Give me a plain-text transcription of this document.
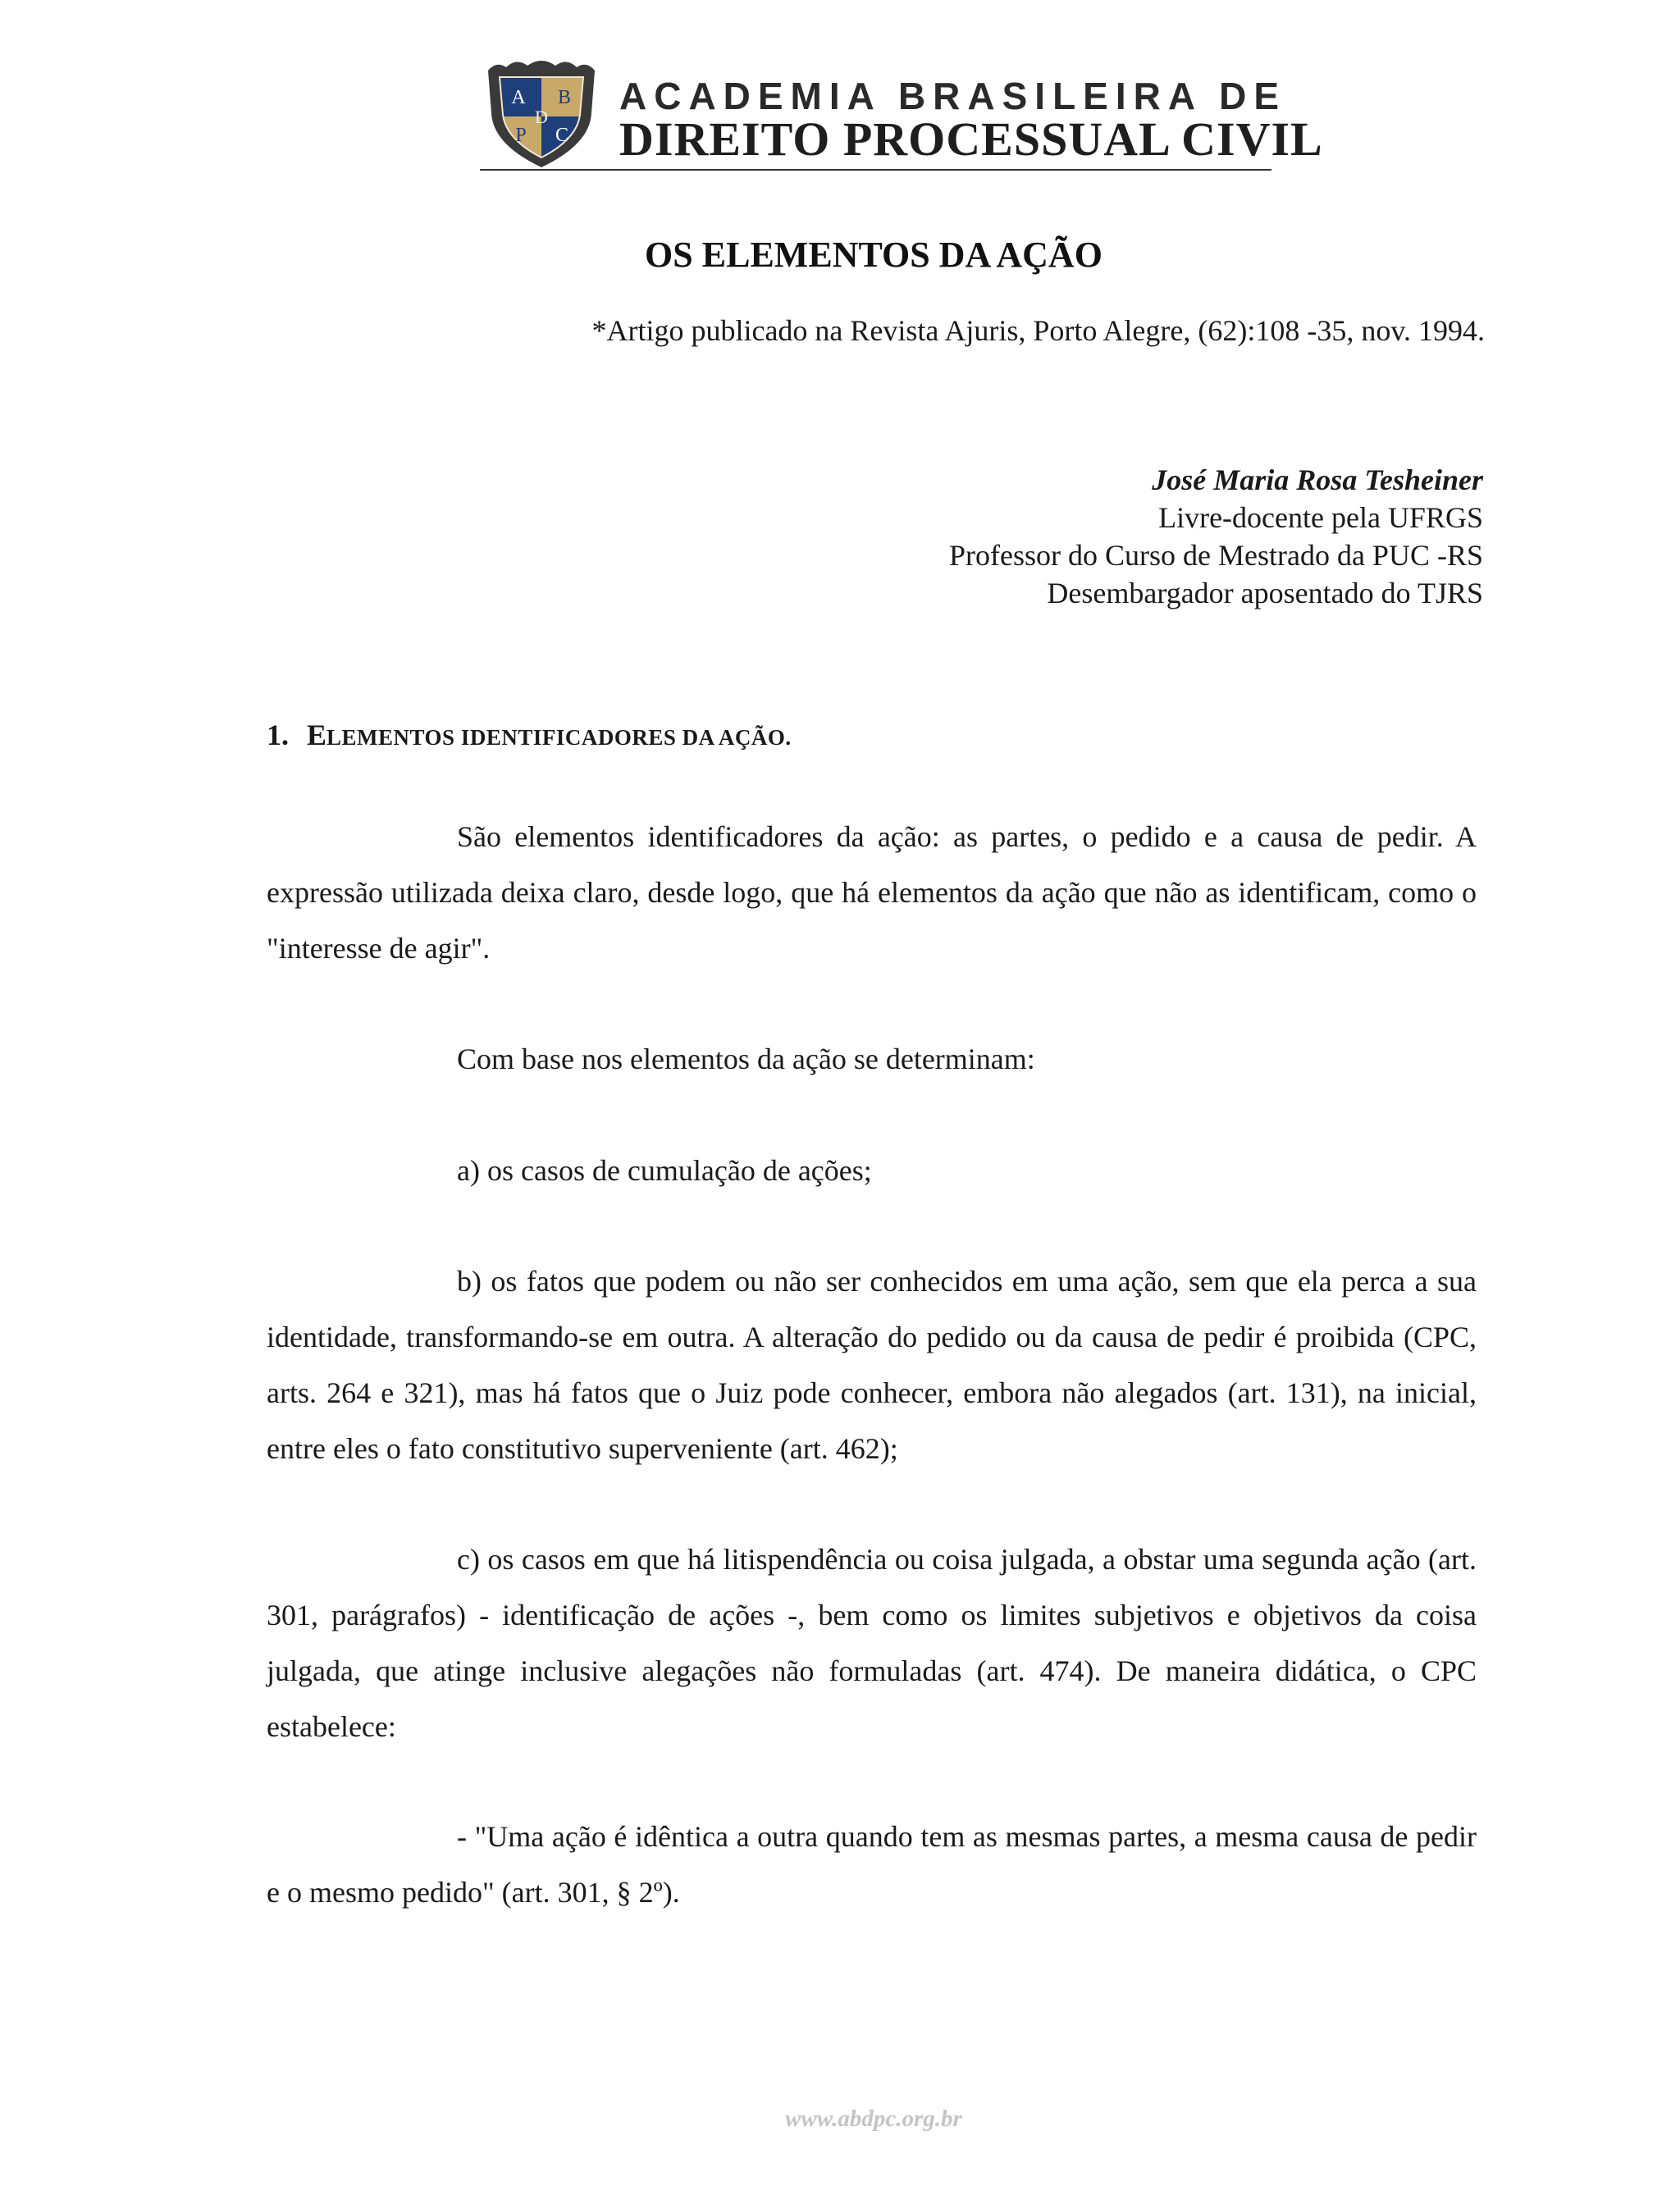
A B
D
P C
ACADEMIA BRASILEIRA DE
DIREITO PROCESSUAL CIVIL
OS ELEMENTOS DA AÇÃO
*Artigo publicado na Revista Ajuris, Porto Alegre, (62):108 -35, nov. 1994.
José Maria Rosa Tesheiner
Livre-docente pela UFRGS
Professor do Curso de Mestrado da PUC -RS
Desembargador aposentado do TJRS
1. ELEMENTOS IDENTIFICADORES DA AÇÃO.
São elementos identificadores da ação: as partes, o pedido e a causa de pedir. A expressão utilizada deixa claro, desde logo, que há elementos da ação que não as identificam, como o "interesse de agir".
Com base nos elementos da ação se determinam:
a) os casos de cumulação de ações;
b) os fatos que podem ou não ser conhecidos em uma ação, sem que ela perca a sua identidade, transformando-se em outra. A alteração do pedido ou da causa de pedir é proibida (CPC, arts. 264 e 321), mas há fatos que o Juiz pode conhecer, embora não alegados (art. 131), na inicial, entre eles o fato constitutivo superveniente (art. 462);
c) os casos em que há litispendência ou coisa julgada, a obstar uma segunda ação (art. 301, parágrafos) - identificação de ações -, bem como os limites subjetivos e objetivos da coisa julgada, que atinge inclusive alegações não formuladas (art. 474). De maneira didática, o CPC estabelece:
- "Uma ação é idêntica a outra quando tem as mesmas partes, a mesma causa de pedir e o mesmo pedido" (art. 301, § 2º).
www.abdpc.org.br
